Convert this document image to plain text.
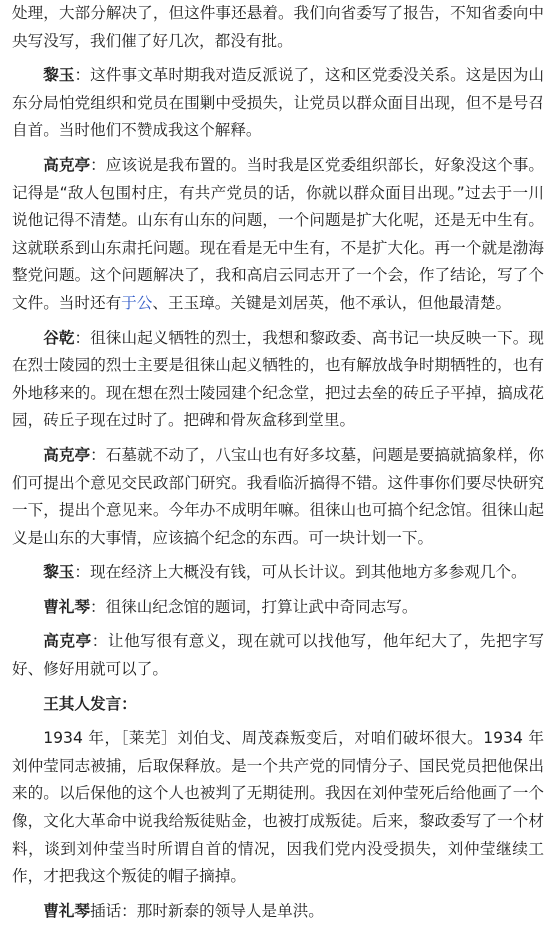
处理，大部分解决了，但这件事还悬着。我们向省委写了报告，不知省委向中央写没写，我们催了好几次，都没有批。

黎玉：这件事文革时期我对造反派说了，这和区党委没关系。这是因为山东分局怕党组织和党员在围剿中受损失，让党员以群众面目出现，但不是号召自首。当时他们不赞成我这个解释。

高克亭：应该说是我布置的。当时我是区党委组织部长，好象没这个事。记得是“敌人包围村庄，有共产党员的话，你就以群众面目出现。”过去于一川说他记得不清楚。山东有山东的问题，一个问题是扩大化呢，还是无中生有。这就联系到山东肃托问题。现在看是无中生有，不是扩大化。再一个就是渤海整党问题。这个问题解决了，我和高启云同志开了一个会，作了结论，写了个文件。当时还有于公、王玉璋。关键是刘居英，他不承认，但他最清楚。

谷乾：徂徕山起义牺牲的烈士，我想和黎政委、高书记一块反映一下。现在烈士陵园的烈士主要是徂徕山起义牺牲的，也有解放战争时期牺牲的，也有外地移来的。现在想在烈士陵园建个纪念堂，把过去垒的砖丘子平掉，搞成花园，砖丘子现在过时了。把碑和骨灰盒移到堂里。

高克亭：石墓就不动了，八宝山也有好多坟墓，问题是要搞就搞象样，你们可提出个意见交民政部门研究。我看临沂搞得不错。这件事你们要尽快研究一下，提出个意见来。今年办不成明年嘛。徂徕山也可搞个纪念馆。徂徕山起义是山东的大事情，应该搞个纪念的东西。可一块计划一下。

黎玉：现在经济上大概没有钱，可从长计议。到其他地方多参观几个。

曹礼琴：徂徕山纪念馆的题词，打算让武中奇同志写。

高克亭：让他写很有意义，现在就可以找他写，他年纪大了，先把字写好、修好用就可以了。

王其人发言：

1934 年，［莱芜］刘伯戈、周茂森叛变后，对咱们破坏很大。1934 年刘仲莹同志被捕，后取保释放。是一个共产党的同情分子、国民党员把他保出来的。以后保他的这个人也被判了无期徒刑。我因在刘仲莹死后给他画了一个像，文化大革命中说我给叛徒贴金，也被打成叛徒。后来，黎政委写了一个材料，谈到刘仲莹当时所谓自首的情况，因我们党内没受损失，刘仲莹继续工作，才把我这个叛徒的帽子摘掉。

曹礼琴插话：那时新泰的领导人是单洪。
